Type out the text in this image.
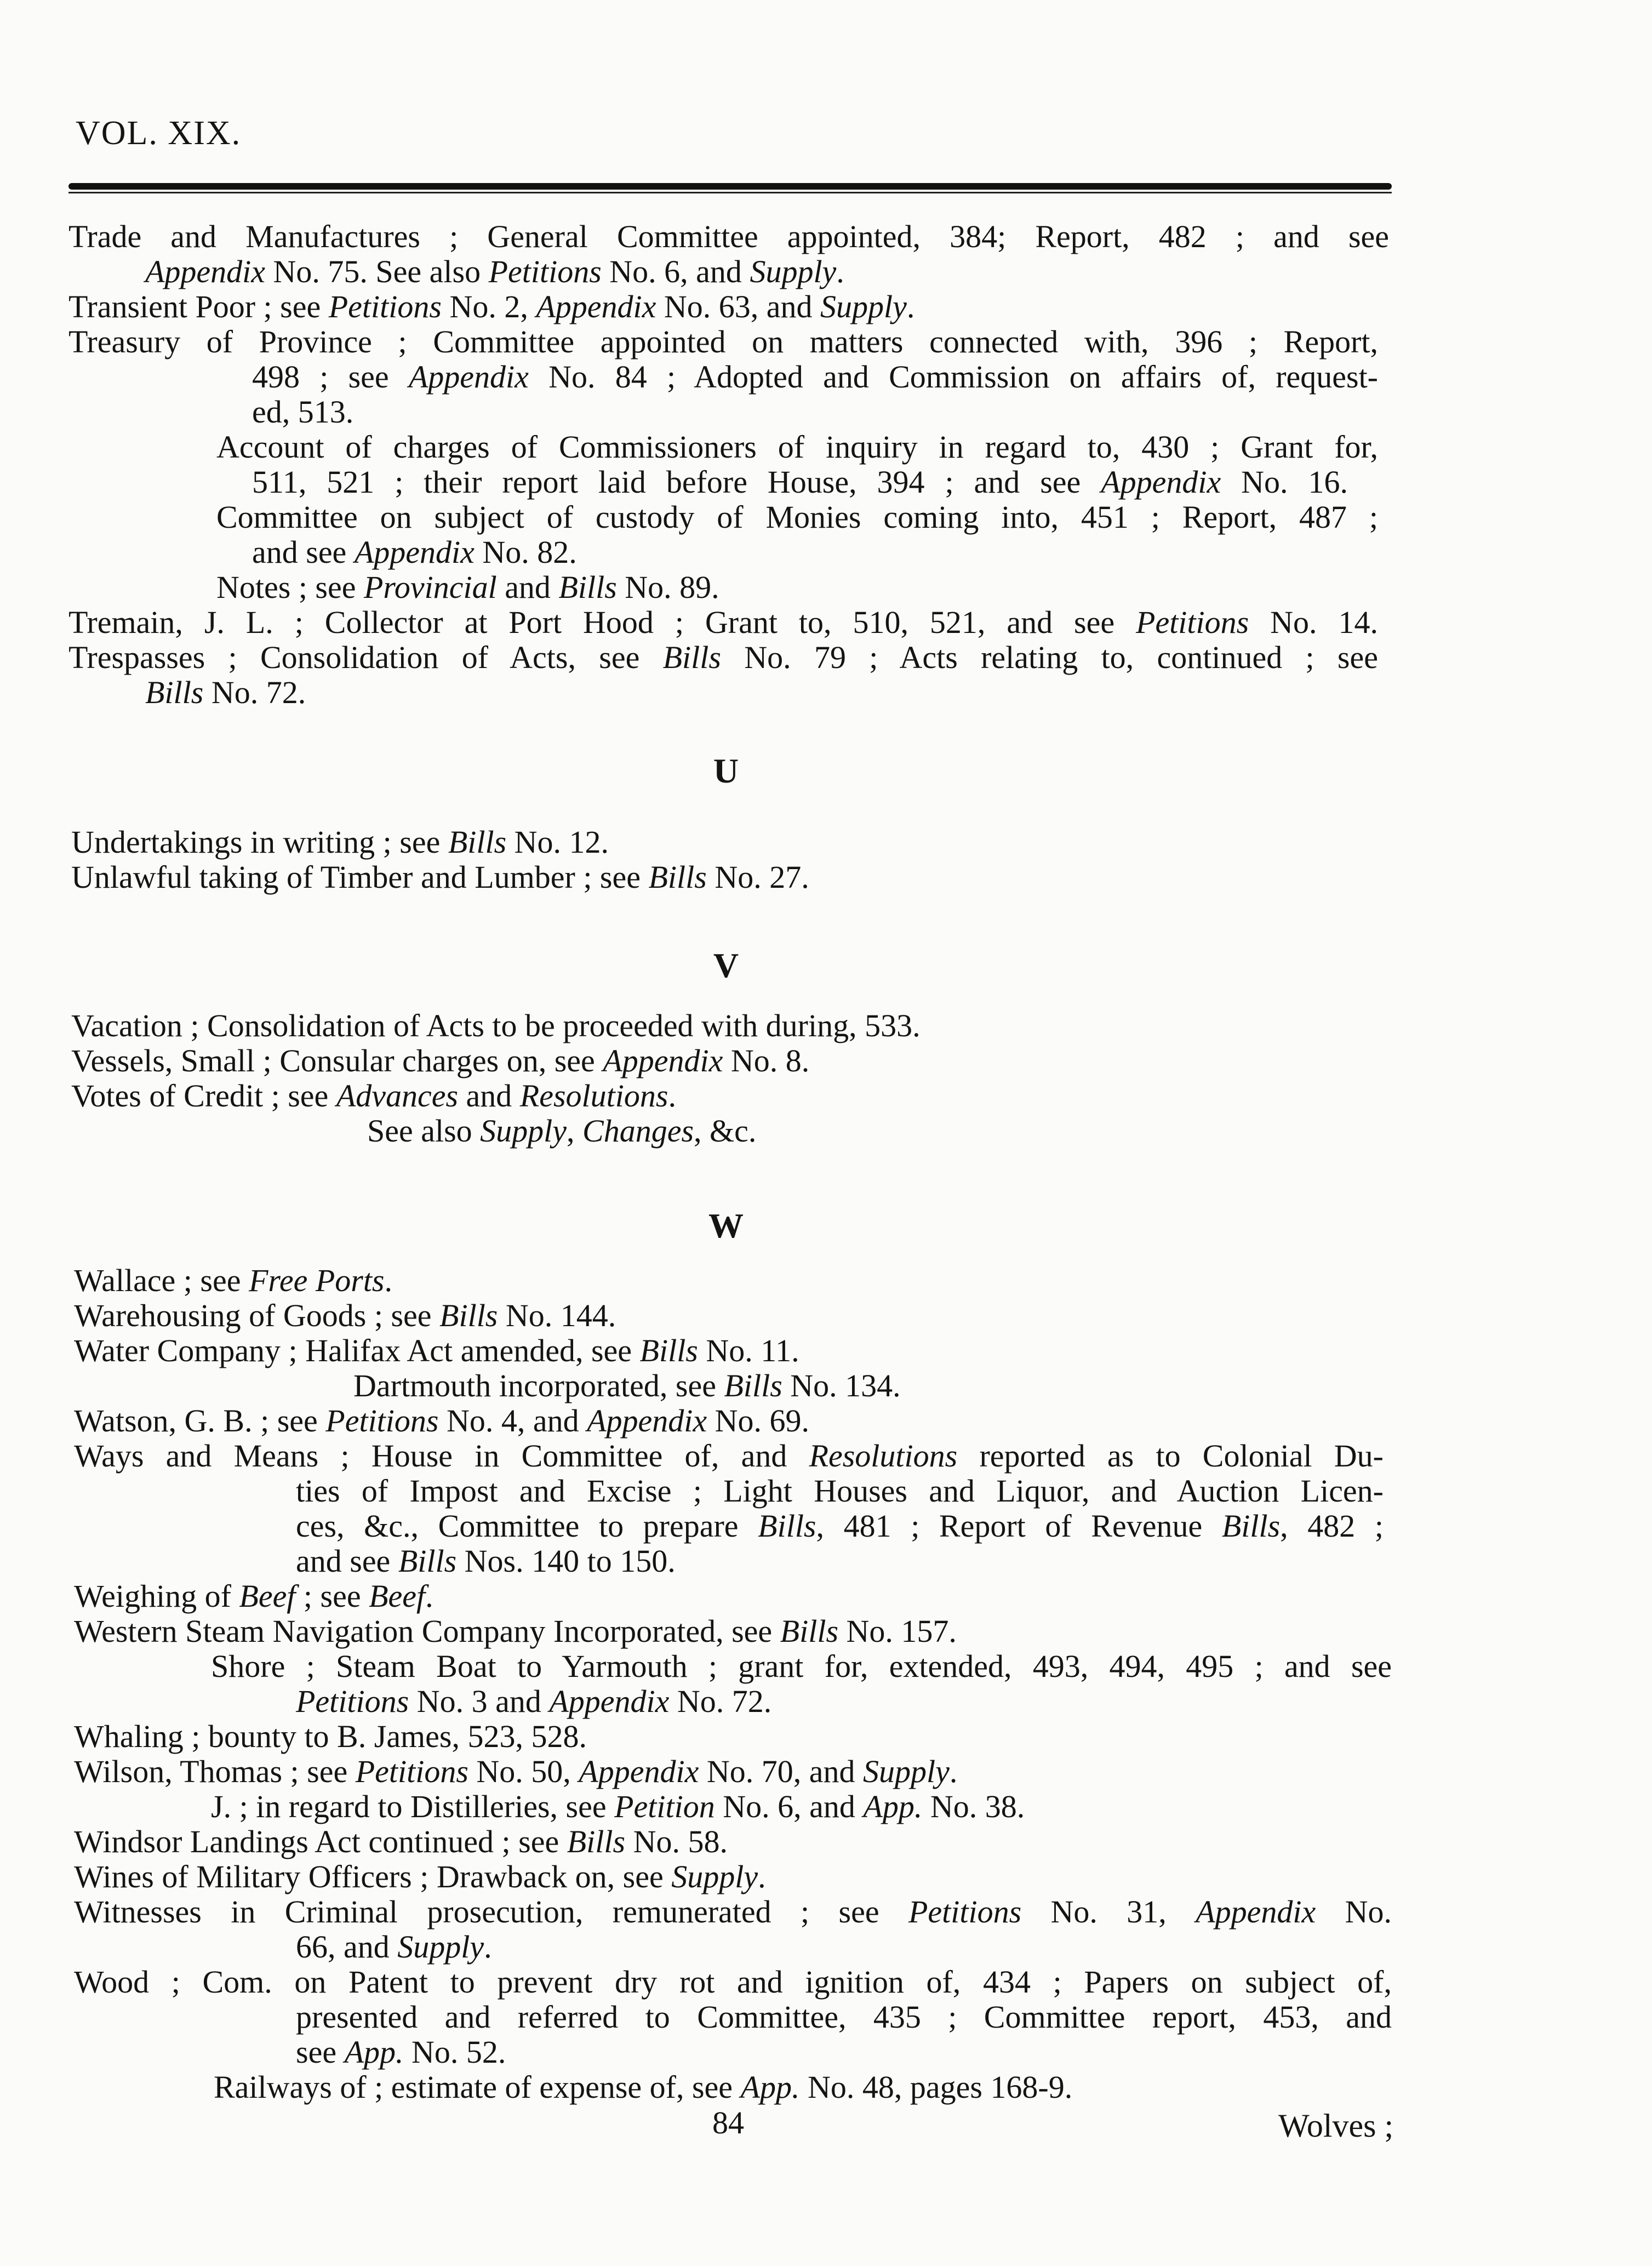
VOL. XIX.
Trade and Manufactures ; General Committee appointed, 384; Report, 482 ; and see
Appendix No. 75. See also Petitions No. 6, and Supply.
Transient Poor ; see Petitions No. 2, Appendix No. 63, and Supply.
Treasury of Province ; Committee appointed on matters connected with, 396 ; Report,
498 ; see Appendix No. 84 ; Adopted and Commission on affairs of, request-
ed, 513.
Account of charges of Commissioners of inquiry in regard to, 430 ; Grant for,
511, 521 ; their report laid before House, 394 ; and see Appendix No. 16.
Committee on subject of custody of Monies coming into, 451 ; Report, 487 ;
and see Appendix No. 82.
Notes ; see Provincial and Bills No. 89.
Tremain, J. L. ; Collector at Port Hood ; Grant to, 510, 521, and see Petitions No. 14.
Trespasses ; Consolidation of Acts, see Bills No. 79 ; Acts relating to, continued ; see
Bills No. 72.
Undertakings in writing ; see Bills No. 12.
Unlawful taking of Timber and Lumber ; see Bills No. 27.
Vacation ; Consolidation of Acts to be proceeded with during, 533.
Vessels, Small ; Consular charges on, see Appendix No. 8.
Votes of Credit ; see Advances and Resolutions.
See also Supply, Changes, &c.
Wallace ; see Free Ports.
Warehousing of Goods ; see Bills No. 144.
Water Company ; Halifax Act amended, see Bills No. 11.
Dartmouth incorporated, see Bills No. 134.
Watson, G. B. ; see Petitions No. 4, and Appendix No. 69.
Ways and Means ; House in Committee of, and Resolutions reported as to Colonial Du-
ties of Impost and Excise ; Light Houses and Liquor, and Auction Licen-
ces, &c., Committee to prepare Bills, 481 ; Report of Revenue Bills, 482 ;
and see Bills Nos. 140 to 150.
Weighing of Beef ; see Beef.
Western Steam Navigation Company Incorporated, see Bills No. 157.
Shore ; Steam Boat to Yarmouth ; grant for, extended, 493, 494, 495 ; and see
Petitions No. 3 and Appendix No. 72.
Whaling ; bounty to B. James, 523, 528.
Wilson, Thomas ; see Petitions No. 50, Appendix No. 70, and Supply.
J. ; in regard to Distilleries, see Petition No. 6, and App. No. 38.
Windsor Landings Act continued ; see Bills No. 58.
Wines of Military Officers ; Drawback on, see Supply.
Witnesses in Criminal prosecution, remunerated ; see Petitions No. 31, Appendix No.
66, and Supply.
Wood ; Com. on Patent to prevent dry rot and ignition of, 434 ; Papers on subject of,
presented and referred to Committee, 435 ; Committee report, 453, and
see App. No. 52.
Railways of ; estimate of expense of, see App. No. 48, pages 168-9.
U
V
W
84	Wolves ;
